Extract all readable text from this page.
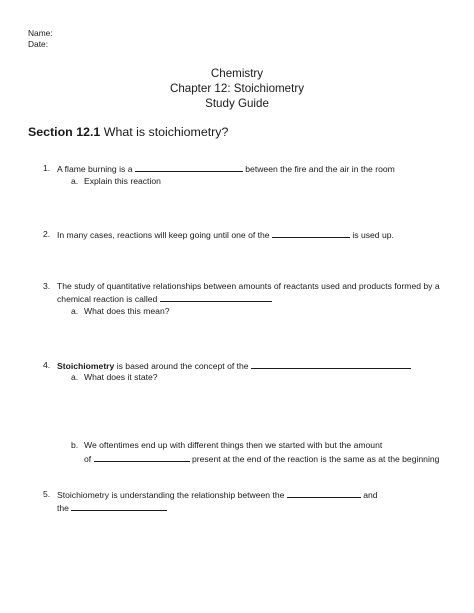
Name:
Date:
Chemistry
Chapter 12: Stoichiometry
Study Guide
Section 12.1 What is stoichiometry?
1. A flame burning is a	between the fire and the air in the room
a. Explain this reaction
2. In many cases, reactions will keep going until one of the	is used up.
3. The study of quantitative relationships between amounts of reactants used and products formed by a
chemical reaction is called
a. What does this mean?
4. Stoichiometry is based around the concept of the
a. What does it state?
b. We oftentimes end up with different things then we started with but the amount
of	present at the end of the reaction is the same as at the beginning
5. Stoichiometry is understanding the relationship between the	and
the
